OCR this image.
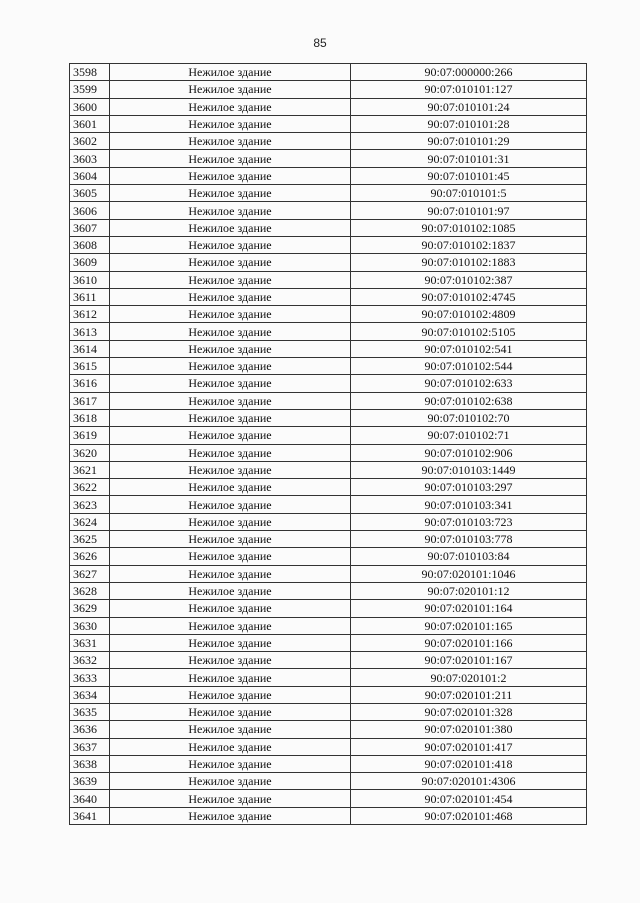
85
3598	Нежилое здание	90:07:000000:266
3599	Нежилое здание	90:07:010101:127
3600	Нежилое здание	90:07:010101:24
3601	Нежилое здание	90:07:010101:28
3602	Нежилое здание	90:07:010101:29
3603	Нежилое здание	90:07:010101:31
3604	Нежилое здание	90:07:010101:45
3605	Нежилое здание	90:07:010101:5
3606	Нежилое здание	90:07:010101:97
3607	Нежилое здание	90:07:010102:1085
3608	Нежилое здание	90:07:010102:1837
3609	Нежилое здание	90:07:010102:1883
3610	Нежилое здание	90:07:010102:387
3611	Нежилое здание	90:07:010102:4745
3612	Нежилое здание	90:07:010102:4809
3613	Нежилое здание	90:07:010102:5105
3614	Нежилое здание	90:07:010102:541
3615	Нежилое здание	90:07:010102:544
3616	Нежилое здание	90:07:010102:633
3617	Нежилое здание	90:07:010102:638
3618	Нежилое здание	90:07:010102:70
3619	Нежилое здание	90:07:010102:71
3620	Нежилое здание	90:07:010102:906
3621	Нежилое здание	90:07:010103:1449
3622	Нежилое здание	90:07:010103:297
3623	Нежилое здание	90:07:010103:341
3624	Нежилое здание	90:07:010103:723
3625	Нежилое здание	90:07:010103:778
3626	Нежилое здание	90:07:010103:84
3627	Нежилое здание	90:07:020101:1046
3628	Нежилое здание	90:07:020101:12
3629	Нежилое здание	90:07:020101:164
3630	Нежилое здание	90:07:020101:165
3631	Нежилое здание	90:07:020101:166
3632	Нежилое здание	90:07:020101:167
3633	Нежилое здание	90:07:020101:2
3634	Нежилое здание	90:07:020101:211
3635	Нежилое здание	90:07:020101:328
3636	Нежилое здание	90:07:020101:380
3637	Нежилое здание	90:07:020101:417
3638	Нежилое здание	90:07:020101:418
3639	Нежилое здание	90:07:020101:4306
3640	Нежилое здание	90:07:020101:454
3641	Нежилое здание	90:07:020101:468
